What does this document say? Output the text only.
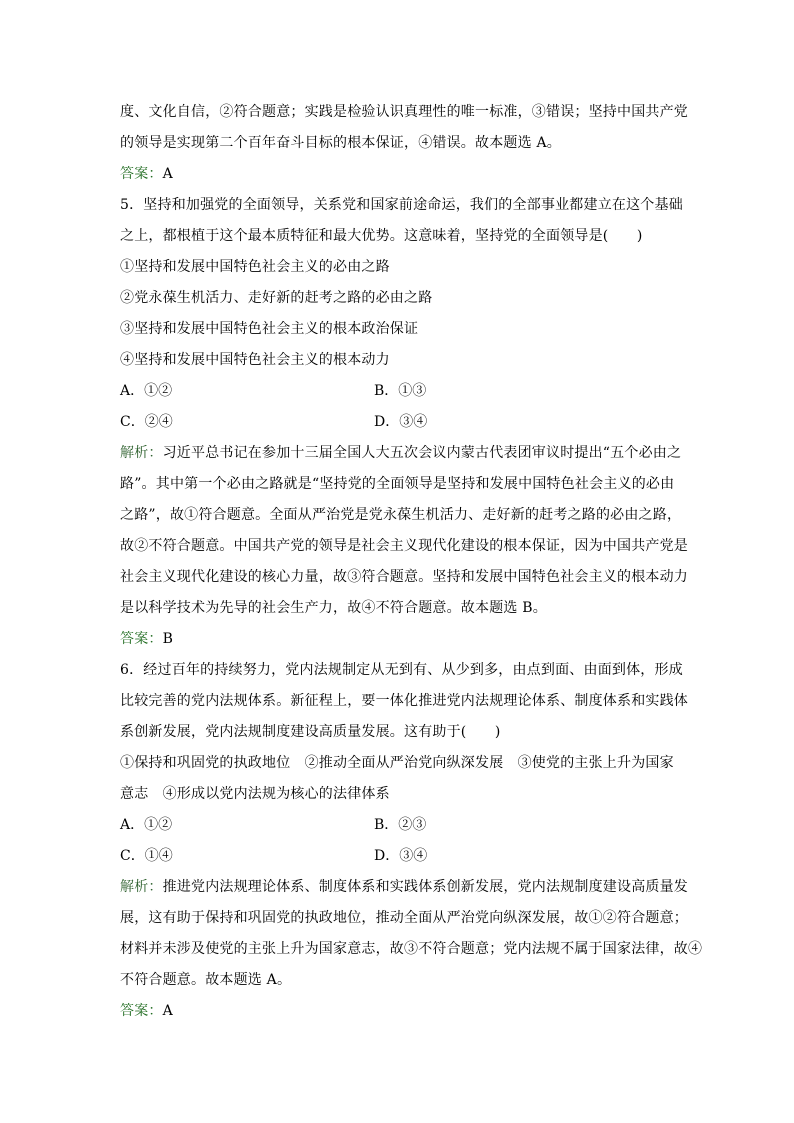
度、文化自信，②符合题意；实践是检验认识真理性的唯一标准，③错误；坚持中国共产党
的领导是实现第二个百年奋斗目标的根本保证，④错误。故本题选 A。
答案：A
5．坚持和加强党的全面领导，关系党和国家前途命运，我们的全部事业都建立在这个基础
之上，都根植于这个最本质特征和最大优势。这意味着，坚持党的全面领导是(　　)
①坚持和发展中国特色社会主义的必由之路
②党永葆生机活力、走好新的赶考之路的必由之路
③坚持和发展中国特色社会主义的根本政治保证
④坚持和发展中国特色社会主义的根本动力
A．①②	B．①③
C．②④	D．③④
解析：习近平总书记在参加十三届全国人大五次会议内蒙古代表团审议时提出“五个必由之
路”。其中第一个必由之路就是“坚持党的全面领导是坚持和发展中国特色社会主义的必由
之路”，故①符合题意。全面从严治党是党永葆生机活力、走好新的赶考之路的必由之路，
故②不符合题意。中国共产党的领导是社会主义现代化建设的根本保证，因为中国共产党是
社会主义现代化建设的核心力量，故③符合题意。坚持和发展中国特色社会主义的根本动力
是以科学技术为先导的社会生产力，故④不符合题意。故本题选 B。
答案：B
6．经过百年的持续努力，党内法规制定从无到有、从少到多，由点到面、由面到体，形成
比较完善的党内法规体系。新征程上，要一体化推进党内法规理论体系、制度体系和实践体
系创新发展，党内法规制度建设高质量发展。这有助于(　　)
①保持和巩固党的执政地位　②推动全面从严治党向纵深发展　③使党的主张上升为国家
意志　④形成以党内法规为核心的法律体系
A．①②	B．②③
C．①④	D．③④
解析：推进党内法规理论体系、制度体系和实践体系创新发展，党内法规制度建设高质量发
展，这有助于保持和巩固党的执政地位，推动全面从严治党向纵深发展，故①②符合题意；
材料并未涉及使党的主张上升为国家意志，故③不符合题意；党内法规不属于国家法律，故④
不符合题意。故本题选 A。
答案：A
